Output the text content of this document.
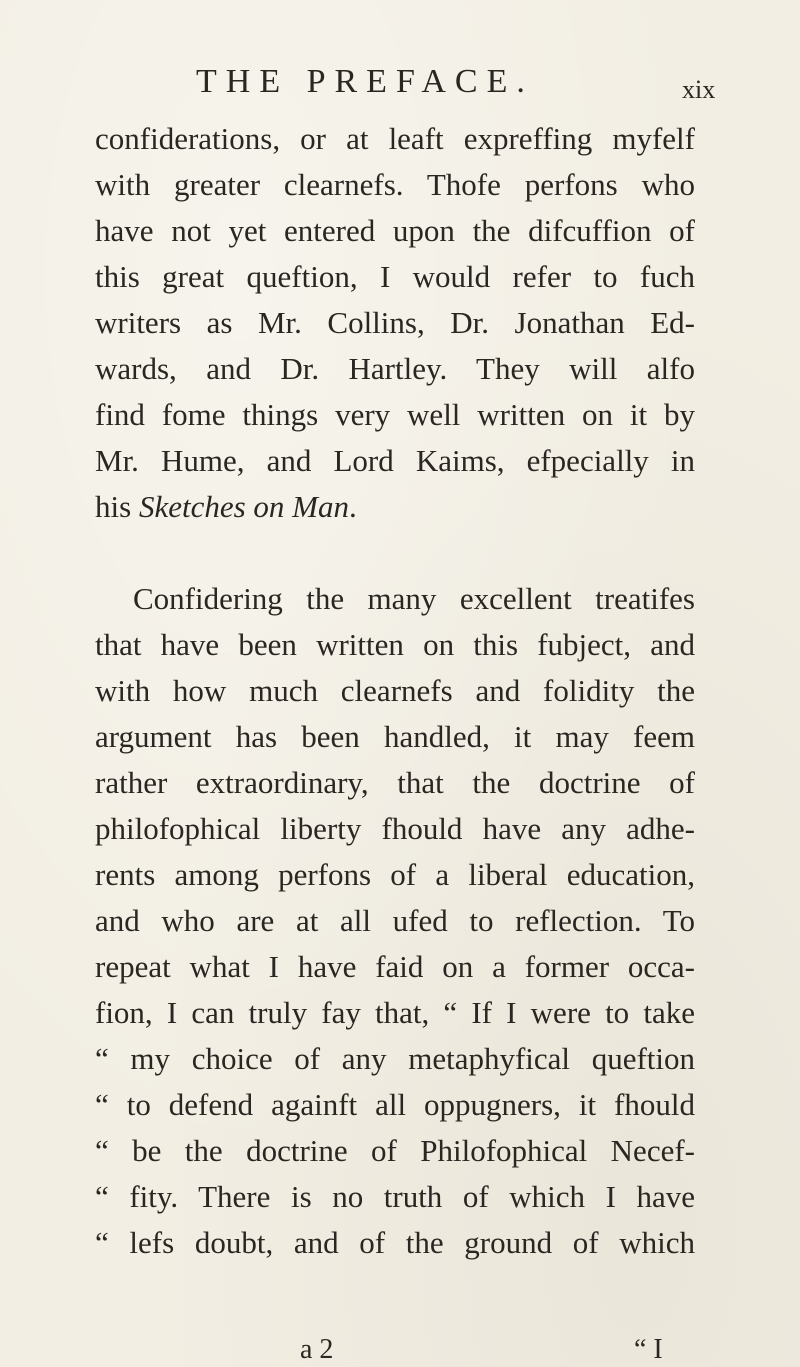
THE PREFACE.	xix
confiderations, or at leaft expreffing myfelf
with greater clearnefs. Thofe perfons who
have not yet entered upon the difcuffion of
this great queftion, I would refer to fuch
writers as Mr. Collins, Dr. Jonathan Ed-
wards, and Dr. Hartley. They will alfo
find fome things very well written on it by
Mr. Hume, and Lord Kaims, efpecially in
his Sketches on Man.
Confidering the many excellent treatifes
that have been written on this fubject, and
with how much clearnefs and folidity the
argument has been handled, it may feem
rather extraordinary, that the doctrine of
philofophical liberty fhould have any adhe-
rents among perfons of a liberal education,
and who are at all ufed to reflection. To
repeat what I have faid on a former occa-
fion, I can truly fay that, “ If I were to take
“ my choice of any metaphyfical queftion
“ to defend againft all oppugners, it fhould
“ be the doctrine of Philofophical Necef-
“ fity. There is no truth of which I have
“ lefs doubt, and of the ground of which
a 2	“ I
